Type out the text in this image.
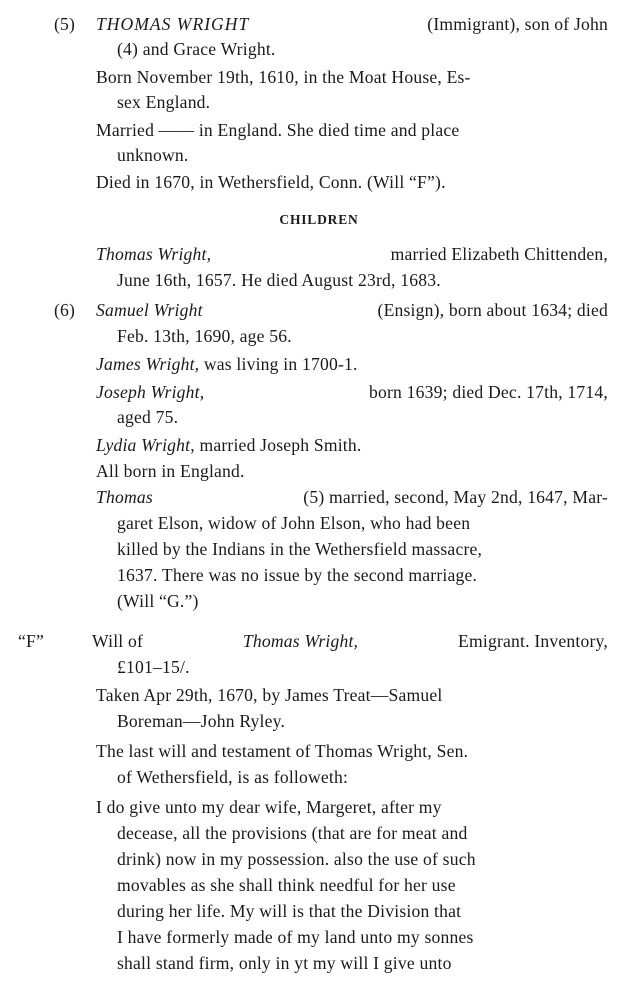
(5) THOMAS WRIGHT	(Immigrant), son of John
(4) and Grace Wright.
Born November 19th, 1610, in the Moat House, Es-
sex England.
Married —— in England. She died time and place
unknown.
Died in 1670, in Wethersfield, Conn. (Will “F”).
CHILDREN
Thomas Wright,	married Elizabeth Chittenden,
June 16th, 1657. He died August 23rd, 1683.
(6) Samuel Wright	(Ensign), born about 1634; died
Feb. 13th, 1690, age 56.
James Wright, was living in 1700-1.
Joseph Wright,	born 1639; died Dec. 17th, 1714,
aged 75.
Lydia Wright, married Joseph Smith.
All born in England.
Thomas	(5) married, second, May 2nd, 1647, Mar-
garet Elson, widow of John Elson, who had been
killed by the Indians in the Wethersfield massacre,
1637. There was no issue by the second marriage.
(Will “G.”)
“F”	Will of	Thomas Wright,	Emigrant. Inventory,
£101–15/.
Taken Apr 29th, 1670, by James Treat—Samuel
Boreman—John Ryley.
The last will and testament of Thomas Wright, Sen.
of Wethersfield, is as followeth:
I do give unto my dear wife, Margeret, after my
decease, all the provisions (that are for meat and
drink) now in my possession. also the use of such
movables as she shall think needful for her use
during her life. My will is that the Division that
I have formerly made of my land unto my sonnes
shall stand firm, only in yt my will I give unto
